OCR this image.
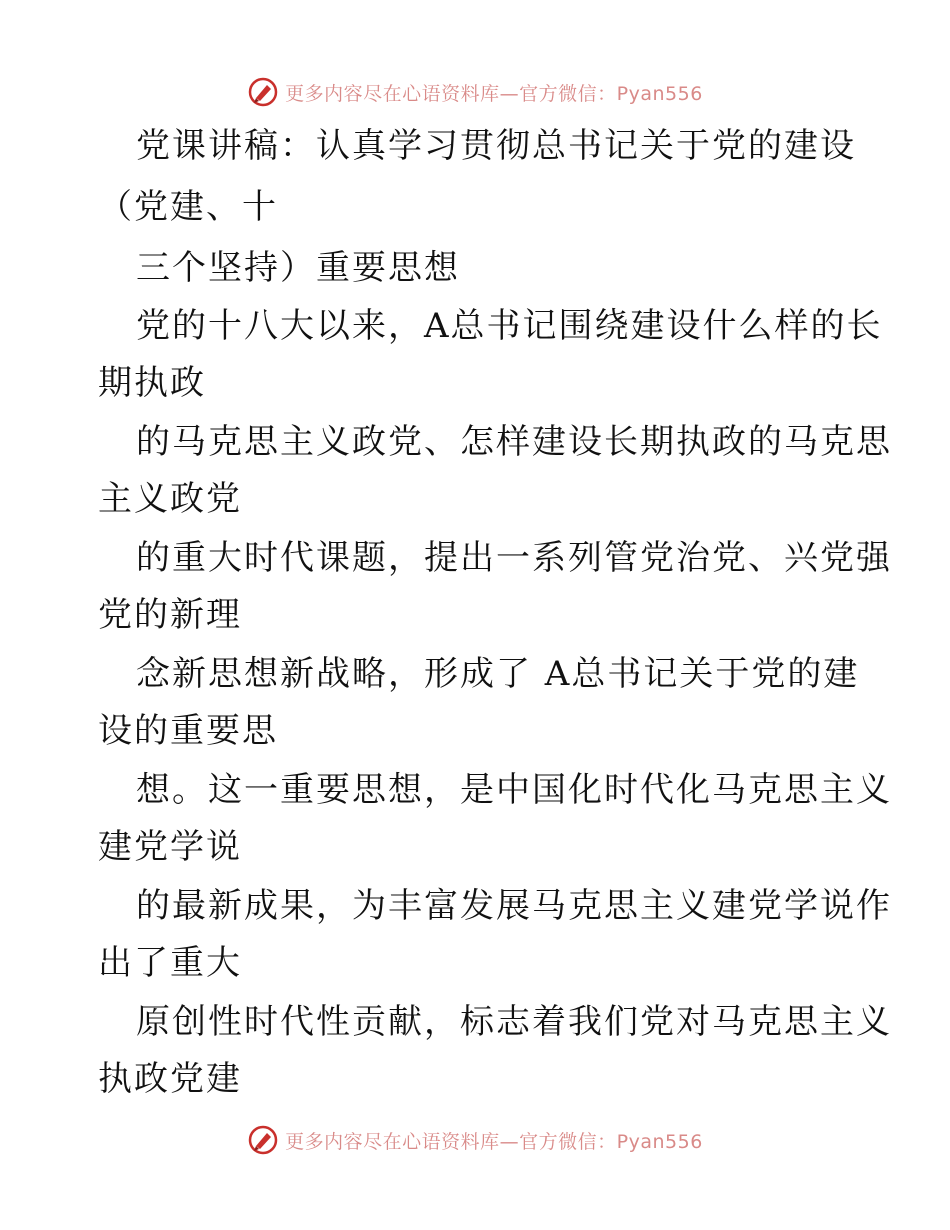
更多内容尽在心语资料库—官方微信：Pyan556
党课讲稿：认真学习贯彻总书记关于党的建设
（党建、十
三个坚持）重要思想
党的十八大以来，A总书记围绕建设什么样的长
期执政
的马克思主义政党、怎样建设长期执政的马克思
主义政党
的重大时代课题，提出一系列管党治党、兴党强
党的新理
念新思想新战略，形成了 A总书记关于党的建
设的重要思
想。这一重要思想，是中国化时代化马克思主义
建党学说
的最新成果，为丰富发展马克思主义建党学说作
出了重大
原创性时代性贡献，标志着我们党对马克思主义
执政党建
更多内容尽在心语资料库—官方微信：Pyan556
